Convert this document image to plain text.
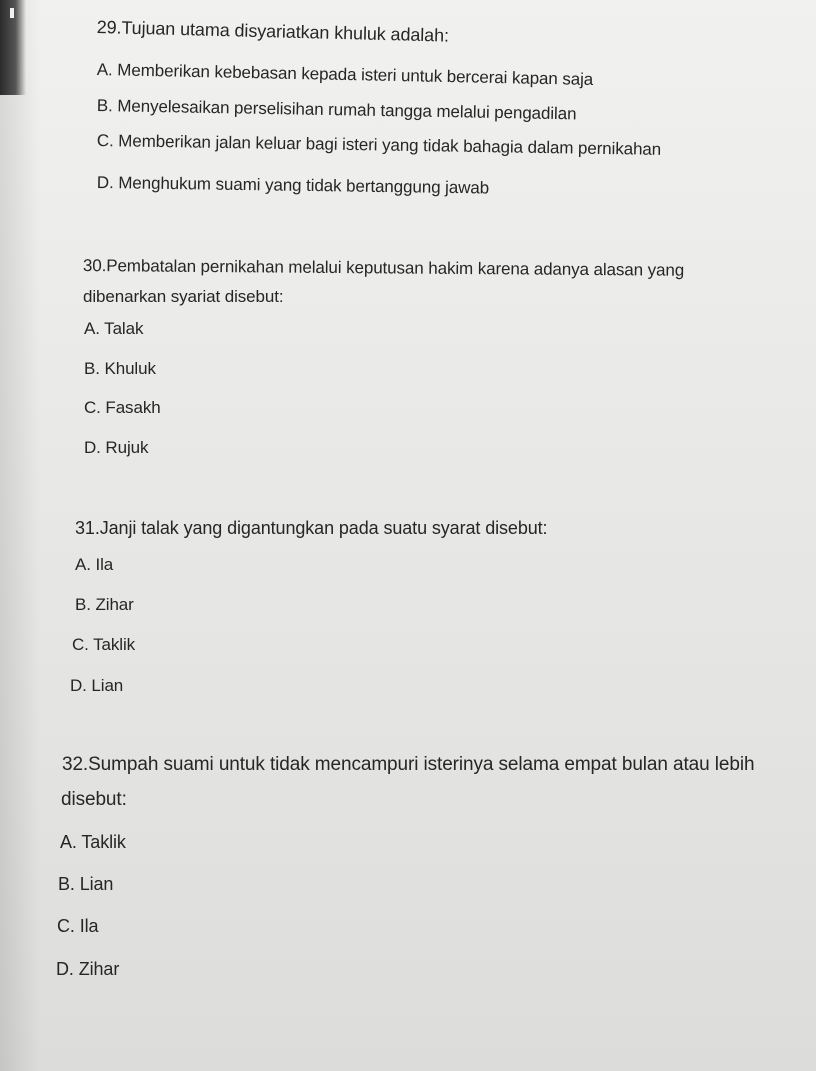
29.Tujuan utama disyariatkan khuluk adalah:
A. Memberikan kebebasan kepada isteri untuk bercerai kapan saja
B. Menyelesaikan perselisihan rumah tangga melalui pengadilan
C. Memberikan jalan keluar bagi isteri yang tidak bahagia dalam pernikahan
D. Menghukum suami yang tidak bertanggung jawab
30.Pembatalan pernikahan melalui keputusan hakim karena adanya alasan yang
dibenarkan syariat disebut:
A. Talak
B. Khuluk
C. Fasakh
D. Rujuk
31.Janji talak yang digantungkan pada suatu syarat disebut:
A. Ila
B. Zihar
C. Taklik
D. Lian
32.Sumpah suami untuk tidak mencampuri isterinya selama empat bulan atau lebih
disebut:
A. Taklik
B. Lian
C. Ila
D. Zihar
